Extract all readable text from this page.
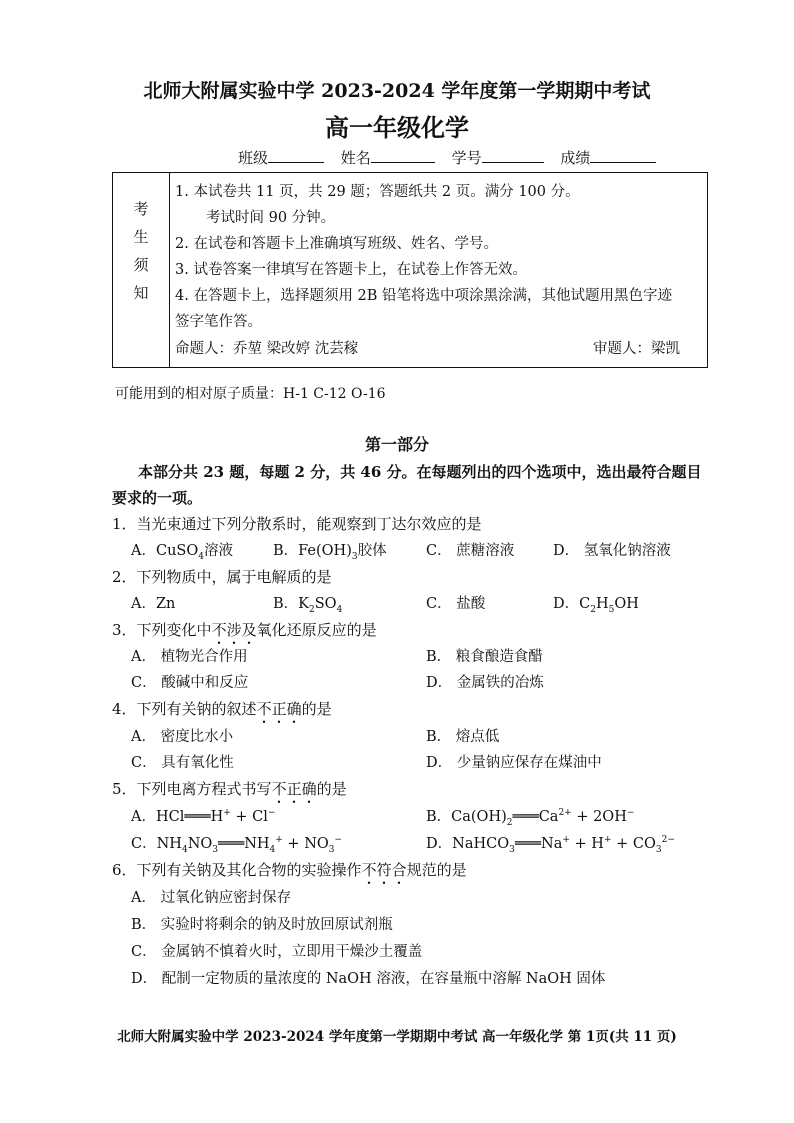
北师大附属实验中学 2023-2024 学年度第一学期期中考试
高一年级化学
班级	姓名	学号	成绩
考
生
须
知
1. 本试卷共 11 页，共 29 题；答题纸共 2 页。满分 100 分。
考试时间 90 分钟。
2. 在试卷和答题卡上准确填写班级、姓名、学号。
3. 试卷答案一律填写在答题卡上，在试卷上作答无效。
4. 在答题卡上，选择题须用 2B 铅笔将选中项涂黑涂满，其他试题用黑色字迹
签字笔作答。
命题人：乔堃 梁改婷 沈芸稼	审题人：梁凯
可能用到的相对原子质量：H-1 C-12 O-16
第一部分
本部分共 23 题，每题 2 分，共 46 分。在每题列出的四个选项中，选出最符合题目
要求的一项。
1．当光束通过下列分散系时，能观察到丁达尔效应的是
A．CuSO$_4$溶液	B．$Fe(OH)_3$胶体	C． 蔗糖溶液	D． 氢氧化钠溶液
2．下列物质中，属于电解质的是
A．Zn	B．$K_2SO_4$	C． 盐酸	D．$C_2H_5OH$
3．下列变化中不涉及氧化还原反应的是
A． 植物光合作用	B． 粮食酿造食醋
C． 酸碱中和反应	D． 金属铁的冶炼
4．下列有关钠的叙述不正确的是
A． 密度比水小	B． 熔点低
C． 具有氧化性	D． 少量钠应保存在煤油中
5．下列电离方程式书写不正确的是
A．HCl═══H+ + Cl−	B．$Ca(OH)_2═══Ca^{2+} + 2OH^-$
C．$NH_4NO_3═══NH_4^+ + NO_3^-$	D．NaHCO$_3$═══Na+ + $H^+ + CO_3^{2-}$
6．下列有关钠及其化合物的实验操作不符合规范的是
A． 过氧化钠应密封保存
B． 实验时将剩余的钠及时放回原试剂瓶
C． 金属钠不慎着火时，立即用干燥沙土覆盖
D． 配制一定物质的量浓度的 NaOH 溶液，在容量瓶中溶解 NaOH 固体
北师大附属实验中学 2023-2024 学年度第一学期期中考试 高一年级化学 第 1页(共 11 页)
